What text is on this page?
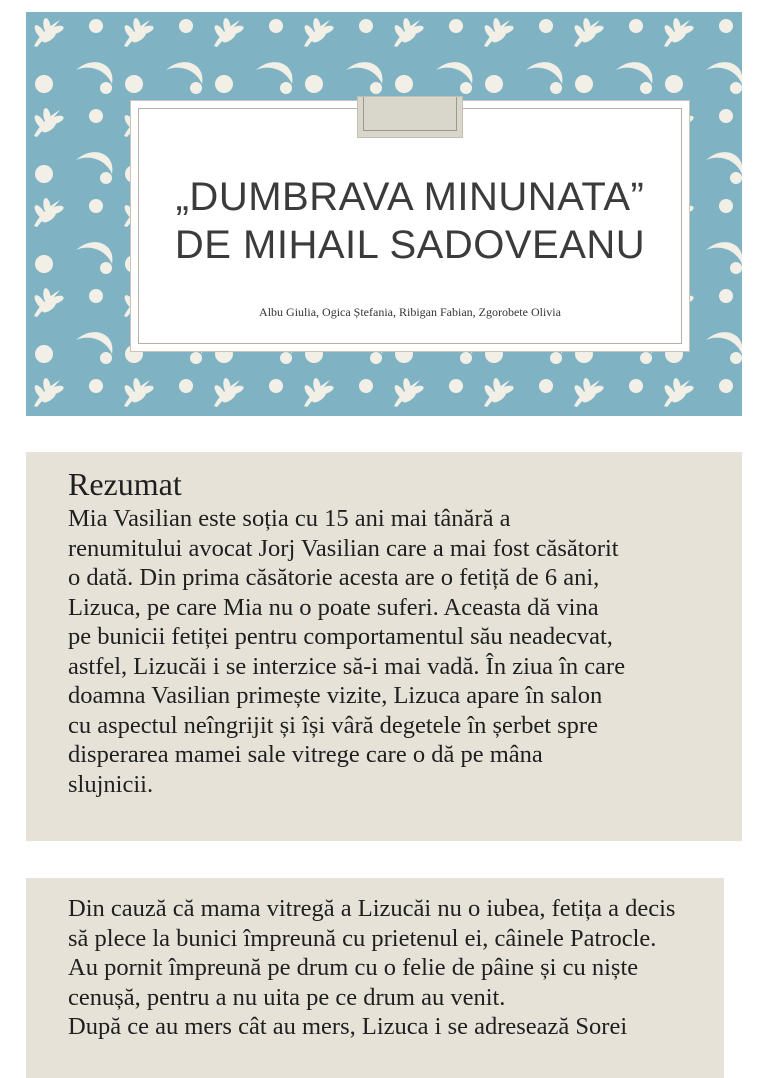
„DUMBRAVA MINUNATA”
DE MIHAIL SADOVEANU
Albu Giulia, Ogica Ștefania, Ribigan Fabian, Zgorobete Olivia
Rezumat
Mia Vasilian este soția cu 15 ani mai tânără a
renumitului avocat Jorj Vasilian care a mai fost căsătorit
o dată. Din prima căsătorie acesta are o fetiță de 6 ani,
Lizuca, pe care Mia nu o poate suferi. Aceasta dă vina
pe bunicii fetiței pentru comportamentul său neadecvat,
astfel, Lizucăi i se interzice să-i mai vadă. În ziua în care
doamna Vasilian primește vizite, Lizuca apare în salon
cu aspectul neîngrijit și își vâră degetele în șerbet spre
disperarea mamei sale vitrege care o dă pe mâna
slujnicii.
Din cauză că mama vitregă a Lizucăi nu o iubea, fetița a decis
să plece la bunici împreună cu prietenul ei, câinele Patrocle.
Au pornit împreună pe drum cu o felie de pâine și cu niște
cenușă, pentru a nu uita pe ce drum au venit.
După ce au mers cât au mers, Lizuca i se adresează Sorei
